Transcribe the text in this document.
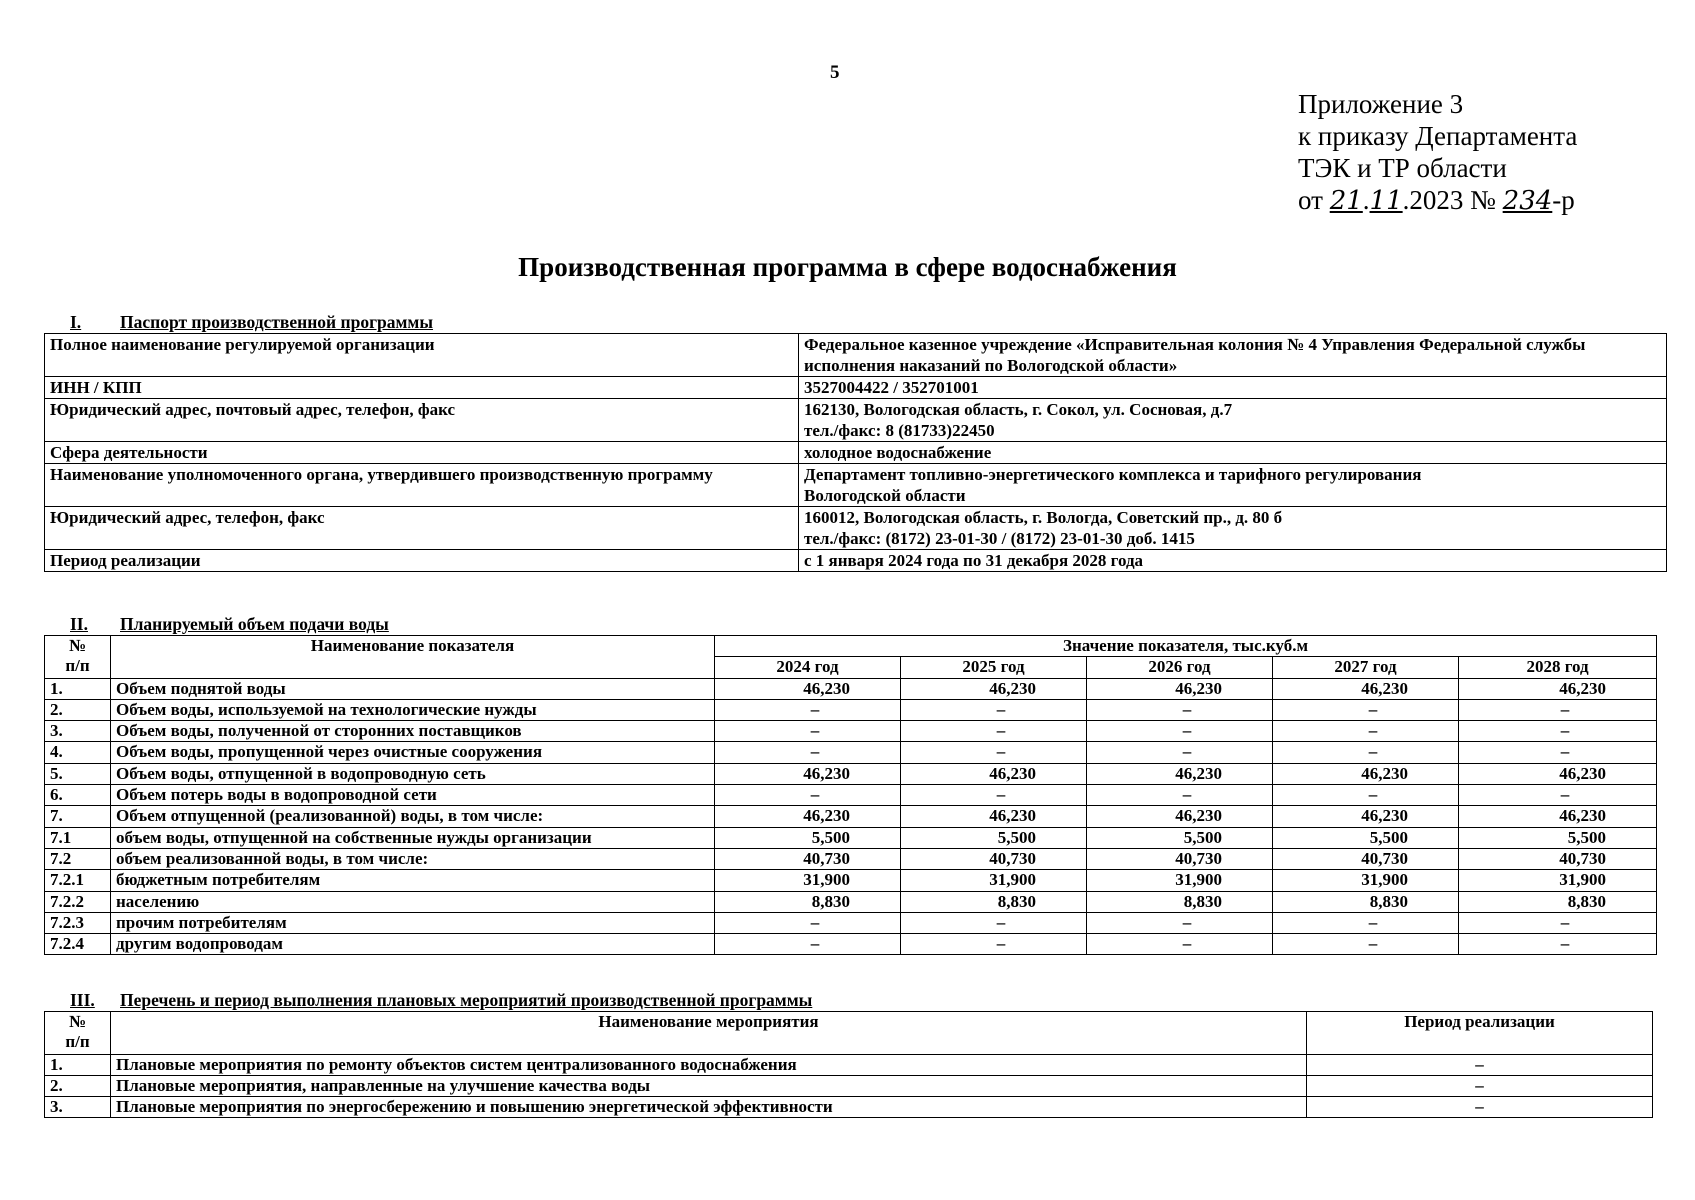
5
Приложение 3
к приказу Департамента
ТЭК и ТР области
от 21.11.2023 № 234-р
Производственная программа в сфере водоснабжения
I.	Паспорт производственной программы
Полное наименование регулируемой организации	Федеральное казенное учреждение «Исправительная колония № 4 Управления Федеральной службы исполнения наказаний по Вологодской области»
ИНН / КПП	3527004422 / 352701001
Юридический адрес, почтовый адрес, телефон, факс	162130, Вологодская область, г. Сокол, ул. Сосновая, д.7
тел./факс: 8 (81733)22450

Сфера деятельности	холодное водоснабжение
Наименование уполномоченного органа, утвердившего производственную программу	Департамент топливно-энергетического комплекса и тарифного регулирования
Вологодской области

Юридический адрес, телефон, факс	160012, Вологодская область, г. Вологда, Советский пр., д. 80 б
тел./факс: (8172) 23-01-30 / (8172) 23-01-30 доб. 1415

Период реализации	с 1 января 2024 года по 31 декабря 2028 года
II.	Планируемый объем подачи воды
№
п/п	Наименование показателя	Значение показателя, тыс.куб.м				
		2024 год	2025 год	2026 год	2027 год	2028 год
1.	Объем поднятой воды	46,230	46,230	46,230	46,230	46,230
2.	Объем воды, используемой на технологические нужды	–	–	–	–	–
3.	Объем воды, полученной от сторонних поставщиков	–	–	–	–	–
4.	Объем воды, пропущенной через очистные сооружения	–	–	–	–	–
5.	Объем воды, отпущенной в водопроводную сеть	46,230	46,230	46,230	46,230	46,230
6.	Объем потерь воды в водопроводной сети	–	–	–	–	–
7.	Объем отпущенной (реализованной) воды, в том числе:	46,230	46,230	46,230	46,230	46,230
7.1	объем воды, отпущенной на собственные нужды организации	5,500	5,500	5,500	5,500	5,500
7.2	объем реализованной воды, в том числе:	40,730	40,730	40,730	40,730	40,730
7.2.1	бюджетным потребителям	31,900	31,900	31,900	31,900	31,900
7.2.2	населению	8,830	8,830	8,830	8,830	8,830
7.2.3	прочим потребителям	–	–	–	–	–
7.2.4	другим водопроводам	–	–	–	–	–
III.	Перечень и период выполнения плановых мероприятий производственной программы
№
п/п	Наименование мероприятия	Период реализации
1.	Плановые мероприятия по ремонту объектов систем централизованного водоснабжения	–
2.	Плановые мероприятия, направленные на улучшение качества воды	–
3.	Плановые мероприятия по энергосбережению и повышению энергетической эффективности	–
